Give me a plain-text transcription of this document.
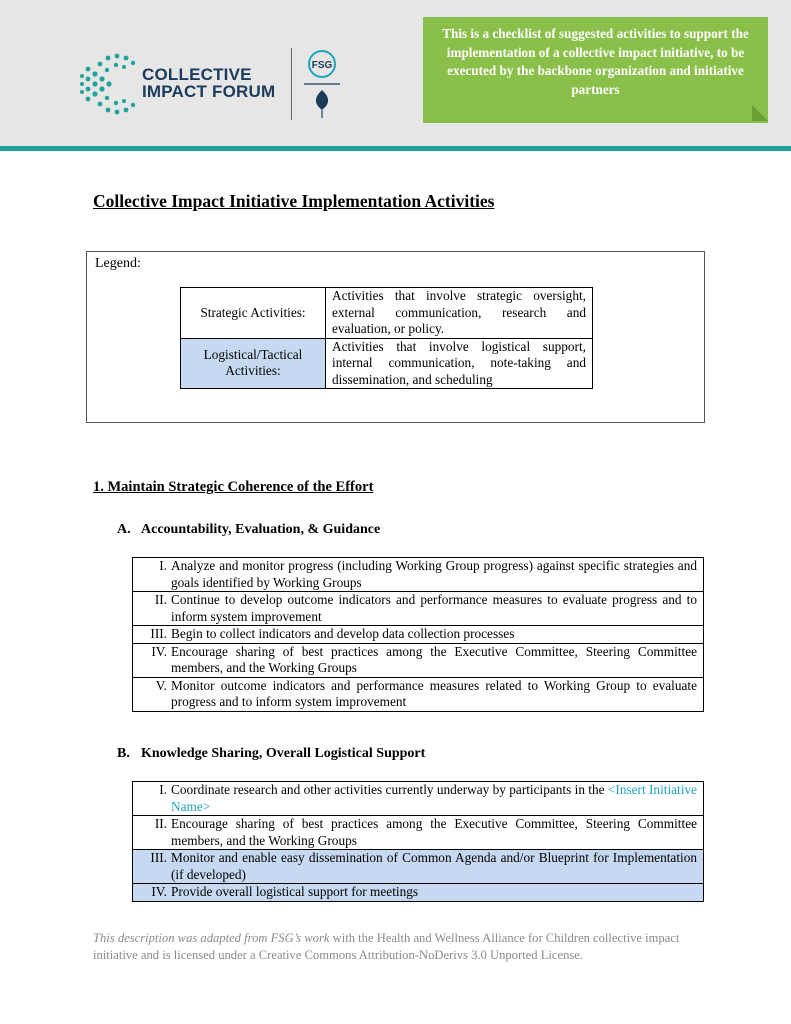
COLLECTIVE
IMPACT FORUM
FSG
This is a checklist of suggested activities to support the implementation of a collective impact initiative, to be executed by the backbone organization and initiative partners
Collective Impact Initiative Implementation Activities
Legend:
Strategic Activities:	Activities that involve strategic oversight, external communication, research and evaluation, or policy.
Logistical/Tactical Activities:	Activities that involve logistical support, internal communication, note-taking and dissemination, and scheduling
1. Maintain Strategic Coherence of the Effort
A. Accountability, Evaluation, & Guidance
I.	Analyze and monitor progress (including Working Group progress) against specific strategies and goals identified by Working Groups
II.	Continue to develop outcome indicators and performance measures to evaluate progress and to inform system improvement
III.	Begin to collect indicators and develop data collection processes
IV.	Encourage sharing of best practices among the Executive Committee, Steering Committee members, and the Working Groups
V.	Monitor outcome indicators and performance measures related to Working Group to evaluate progress and to inform system improvement
B. Knowledge Sharing, Overall Logistical Support
I.	Coordinate research and other activities currently underway by participants in the <Insert Initiative Name>
II.	Encourage sharing of best practices among the Executive Committee, Steering Committee members, and the Working Groups
III.	Monitor and enable easy dissemination of Common Agenda and/or Blueprint for Implementation (if developed)
IV.	Provide overall logistical support for meetings
This description was adapted from FSG’s work with the Health and Wellness Alliance for Children collective impact initiative and is licensed under a Creative Commons Attribution-NoDerivs 3.0 Unported License.
